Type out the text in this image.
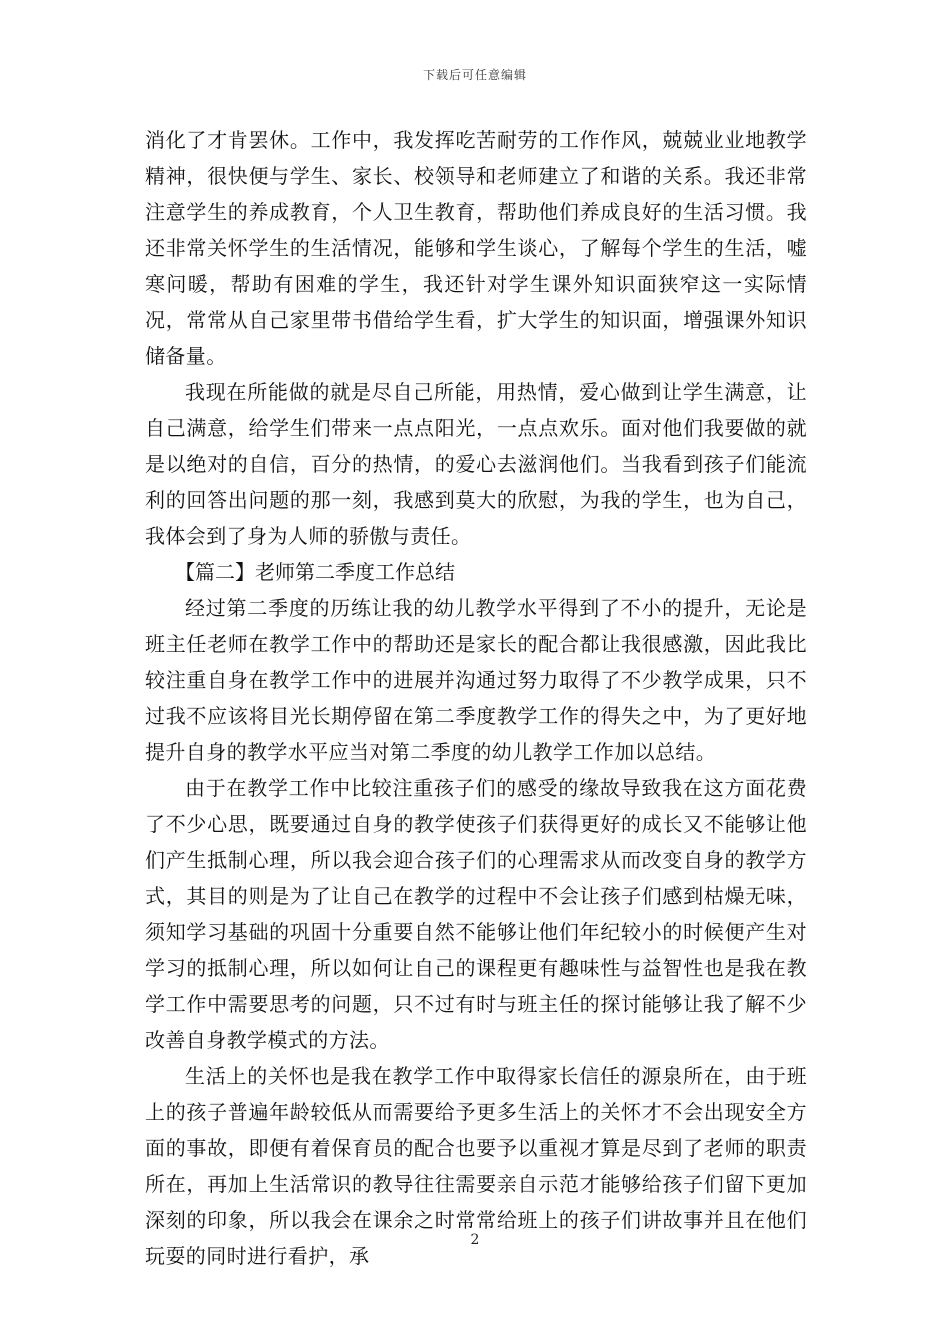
下载后可任意编辑

消化了才肯罢休。工作中，我发挥吃苦耐劳的工作作风，兢兢业业地教学精神，很快便与学生、家长、校领导和老师建立了和谐的关系。我还非常注意学生的养成教育，个人卫生教育，帮助他们养成良好的生活习惯。我还非常关怀学生的生活情况，能够和学生谈心，了解每个学生的生活，嘘寒问暖，帮助有困难的学生，我还针对学生课外知识面狭窄这一实际情况，常常从自己家里带书借给学生看，扩大学生的知识面，增强课外知识储备量。

我现在所能做的就是尽自己所能，用热情，爱心做到让学生满意，让自己满意，给学生们带来一点点阳光，一点点欢乐。面对他们我要做的就是以绝对的自信，百分的热情，的爱心去滋润他们。当我看到孩子们能流利的回答出问题的那一刻，我感到莫大的欣慰，为我的学生，也为自己，我体会到了身为人师的骄傲与责任。

【篇二】老师第二季度工作总结

经过第二季度的历练让我的幼儿教学水平得到了不小的提升，无论是班主任老师在教学工作中的帮助还是家长的配合都让我很感激，因此我比较注重自身在教学工作中的进展并沟通过努力取得了不少教学成果，只不过我不应该将目光长期停留在第二季度教学工作的得失之中，为了更好地提升自身的教学水平应当对第二季度的幼儿教学工作加以总结。

由于在教学工作中比较注重孩子们的感受的缘故导致我在这方面花费了不少心思，既要通过自身的教学使孩子们获得更好的成长又不能够让他们产生抵制心理，所以我会迎合孩子们的心理需求从而改变自身的教学方式，其目的则是为了让自己在教学的过程中不会让孩子们感到枯燥无味，须知学习基础的巩固十分重要自然不能够让他们年纪较小的时候便产生对学习的抵制心理，所以如何让自己的课程更有趣味性与益智性也是我在教学工作中需要思考的问题，只不过有时与班主任的探讨能够让我了解不少改善自身教学模式的方法。

生活上的关怀也是我在教学工作中取得家长信任的源泉所在，由于班上的孩子普遍年龄较低从而需要给予更多生活上的关怀才不会出现安全方面的事故，即便有着保育员的配合也要予以重视才算是尽到了老师的职责所在，再加上生活常识的教导往往需要亲自示范才能够给孩子们留下更加深刻的印象，所以我会在课余之时常常给班上的孩子们讲故事并且在他们玩耍的同时进行看护，承

2
